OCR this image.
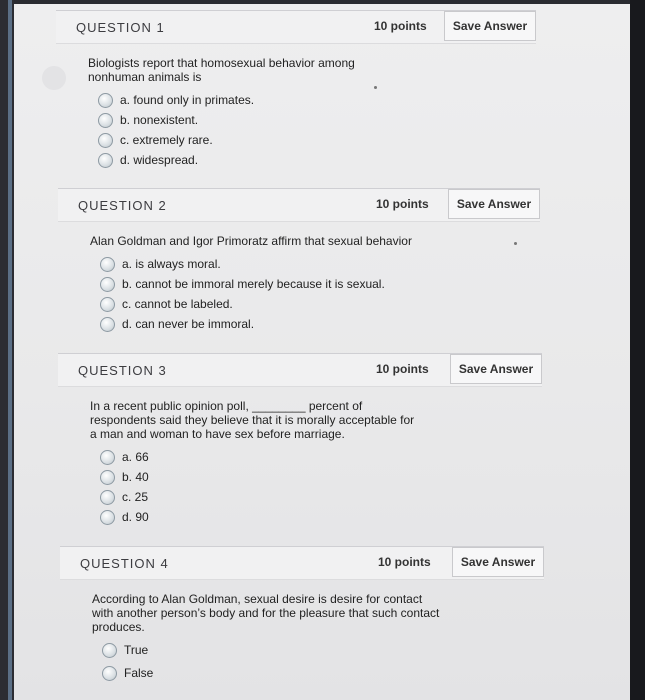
QUESTION 1	10 points	Save Answer

Biologists report that homosexual behavior among nonhuman animals is

a. found only in primates.
b. nonexistent.
c. extremely rare.
d. widespread.
QUESTION 2	10 points	Save Answer

Alan Goldman and Igor Primoratz affirm that sexual behavior

a. is always moral.
b. cannot be immoral merely because it is sexual.
c. cannot be labeled.
d. can never be immoral.
QUESTION 3	10 points	Save Answer

In a recent public opinion poll, ________ percent of respondents said they believe that it is morally acceptable for a man and woman to have sex before marriage.

a. 66
b. 40
c. 25
d. 90
QUESTION 4	10 points	Save Answer

According to Alan Goldman, sexual desire is desire for contact with another person’s body and for the pleasure that such contact produces.

True
False
